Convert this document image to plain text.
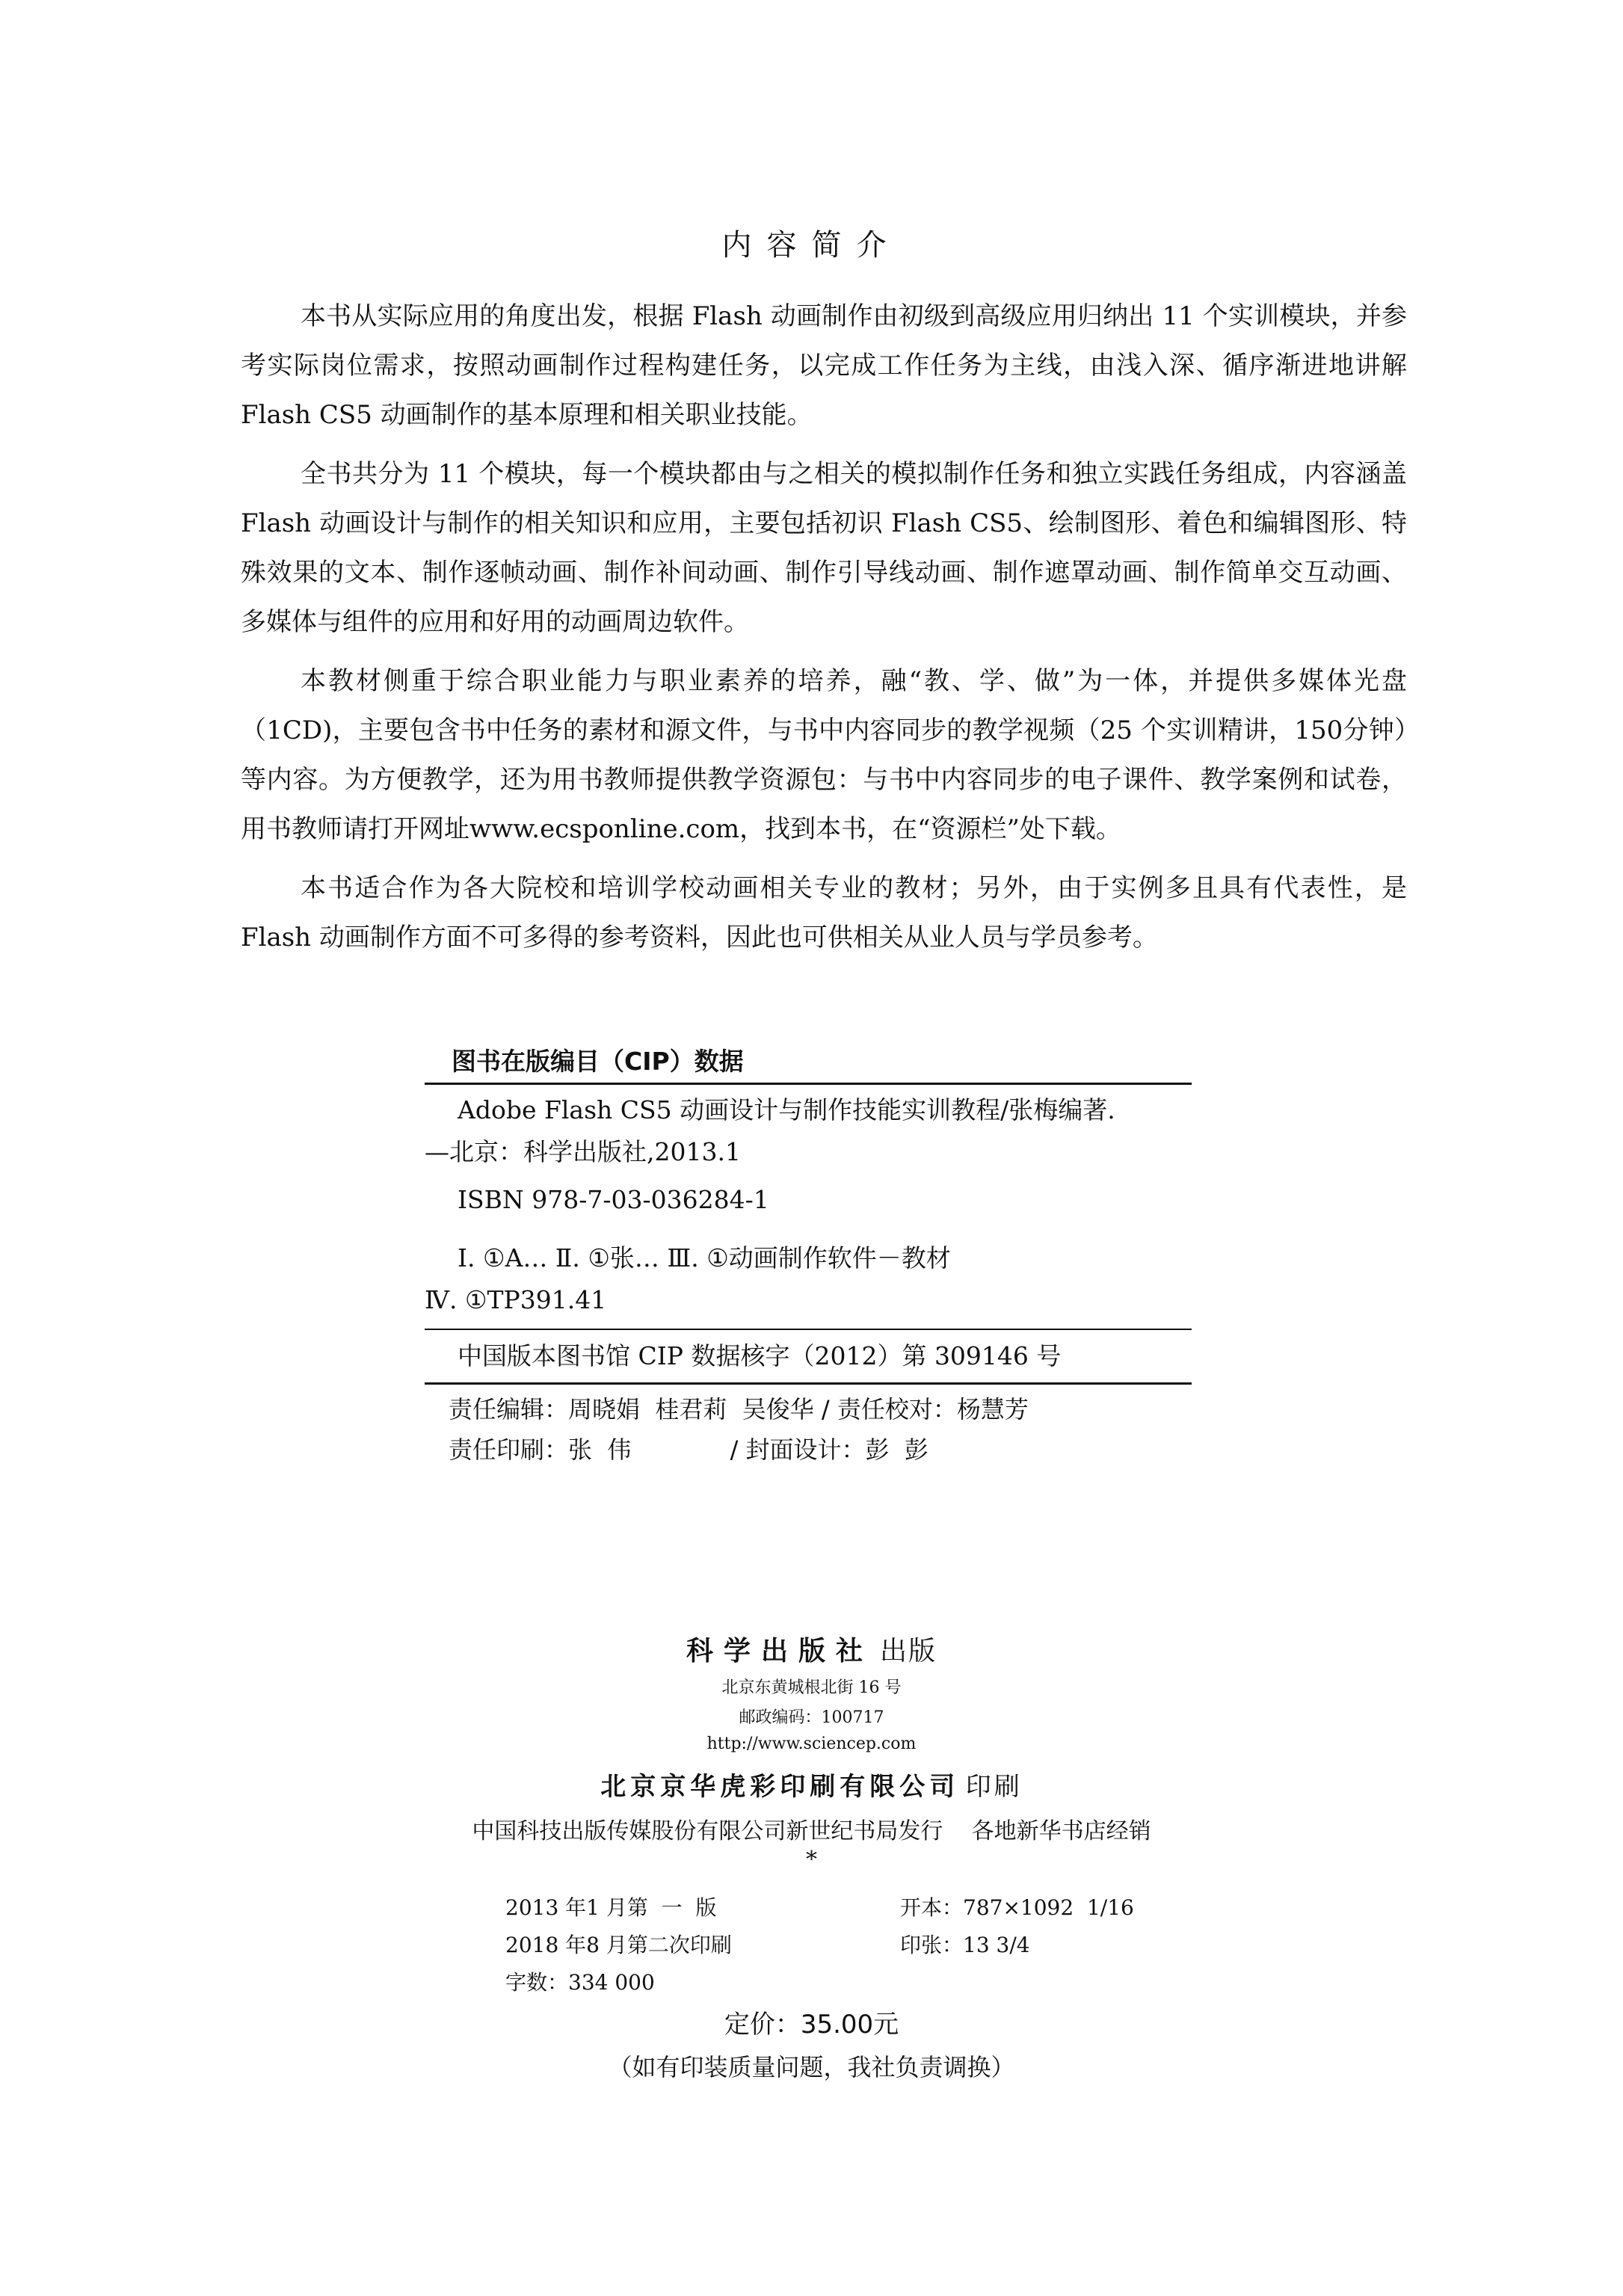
内容简介

本书从实际应用的角度出发，根据 Flash 动画制作由初级到高级应用归纳出 11 个实训模块，并参考实际岗位需求，按照动画制作过程构建任务，以完成工作任务为主线，由浅入深、循序渐进地讲解 Flash CS5 动画制作的基本原理和相关职业技能。

全书共分为 11 个模块，每一个模块都由与之相关的模拟制作任务和独立实践任务组成，内容涵盖 Flash 动画设计与制作的相关知识和应用，主要包括初识 Flash CS5、绘制图形、着色和编辑图形、特殊效果的文本、制作逐帧动画、制作补间动画、制作引导线动画、制作遮罩动画、制作简单交互动画、多媒体与组件的应用和好用的动画周边软件。

本教材侧重于综合职业能力与职业素养的培养，融“教、学、做”为一体，并提供多媒体光盘（1CD)，主要包含书中任务的素材和源文件，与书中内容同步的教学视频（25 个实训精讲，150分钟）等内容。为方便教学，还为用书教师提供教学资源包：与书中内容同步的电子课件、教学案例和试卷，用书教师请打开网址www.ecsponline.com，找到本书，在“资源栏”处下载。

本书适合作为各大院校和培训学校动画相关专业的教材；另外，由于实例多且具有代表性，是 Flash 动画制作方面不可多得的参考资料，因此也可供相关从业人员与学员参考。

图书在版编目（CIP）数据
Adobe Flash CS5 动画设计与制作技能实训教程/张梅编著.
—北京：科学出版社,2013.1
ISBN 978-7-03-036284-1
Ⅰ. ①A… Ⅱ. ①张… Ⅲ. ①动画制作软件－教材
Ⅳ. ①TP391.41
中国版本图书馆 CIP 数据核字（2012）第 309146 号
责任编辑：周晓娟  桂君莉  吴俊华 / 责任校对：杨慧芳
责任印刷：张  伟             / 封面设计：彭  彭
科学出版社 出版
北京东黄城根北街 16 号
邮政编码：100717
http://www.sciencep.com
北京京华虎彩印刷有限公司 印刷
中国科技出版传媒股份有限公司新世纪书局发行    各地新华书店经销
*
2013 年1 月第  一  版	开本：787×1092  1/16
2018 年8 月第二次印刷	印张：13 3/4
字数：334 000
定价：35.00元
（如有印装质量问题，我社负责调换）
